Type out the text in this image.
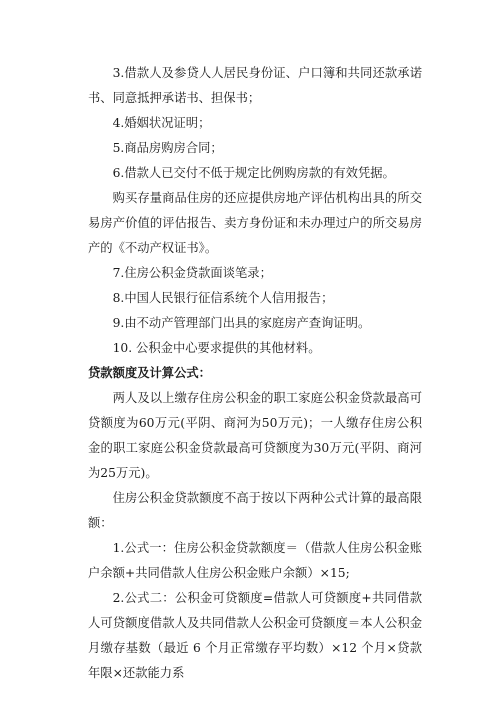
3.借款人及参贷人人居民身份证、户口簿和共同还款承诺书、同意抵押承诺书、担保书；

4.婚姻状况证明；

5.商品房购房合同；

6.借款人已交付不低于规定比例购房款的有效凭据。

购买存量商品住房的还应提供房地产评估机构出具的所交易房产价值的评估报告、卖方身份证和未办理过户的所交易房产的《不动产权证书》。

7.住房公积金贷款面谈笔录；

8.中国人民银行征信系统个人信用报告；

9.由不动产管理部门出具的家庭房产查询证明。

10. 公积金中心要求提供的其他材料。

贷款额度及计算公式：

两人及以上缴存住房公积金的职工家庭公积金贷款最高可贷额度为60万元(平阴、商河为50万元)；一人缴存住房公积金的职工家庭公积金贷款最高可贷额度为30万元(平阴、商河为25万元)。

住房公积金贷款额度不高于按以下两种公式计算的最高限额：

1.公式一：住房公积金贷款额度＝（借款人住房公积金账 户余额+共同借款人住房公积金账户余额）×15;

2.公式二：公积金可贷额度=借款人可贷额度+共同借款人可贷额度借款人及共同借款人公积金可贷额度＝本人公积金月缴存基数（最近 6 个月正常缴存平均数）×12 个月×贷款年限×还款能力系
